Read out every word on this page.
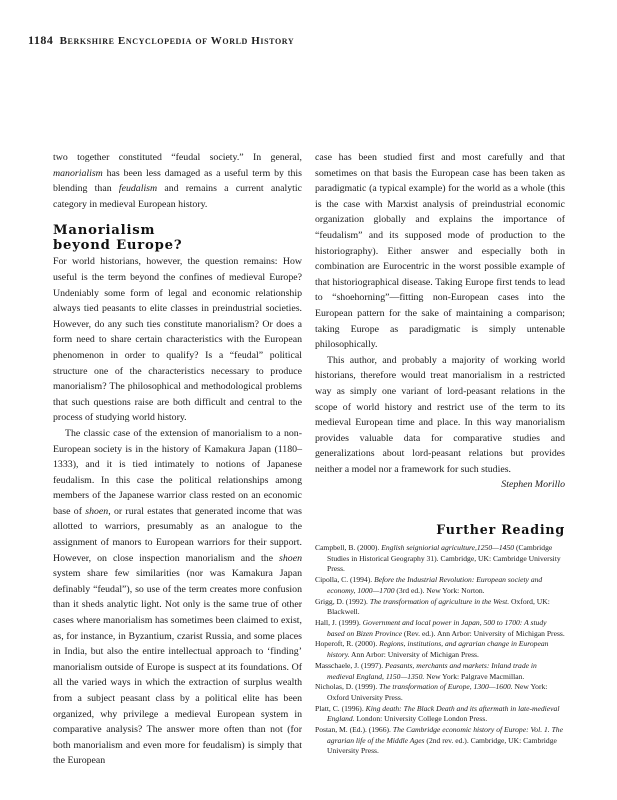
1184 Berkshire Encyclopedia of World History

two together constituted “feudal society.” In general, manorialism has been less damaged as a useful term by this blending than feudalism and remains a current analytic category in medieval European history.

Manorialism
beyond Europe?

For world historians, however, the question remains: How useful is the term beyond the confines of medieval Europe? Undeniably some form of legal and economic relationship always tied peasants to elite classes in preindustrial societies. However, do any such ties constitute manorialism? Or does a form need to share certain characteristics with the European phenomenon in order to qualify? Is a “feudal” political structure one of the characteristics necessary to produce manorialism? The philosophical and methodological problems that such questions raise are both difficult and central to the process of studying world history.

The classic case of the extension of manorialism to a non-European society is in the history of Kamakura Japan (1180–1333), and it is tied intimately to notions of Japanese feudalism. In this case the political relationships among members of the Japanese warrior class rested on an economic base of shoen, or rural estates that generated income that was allotted to warriors, presumably as an analogue to the assignment of manors to European warriors for their support. However, on close inspection manorialism and the shoen system share few similarities (nor was Kamakura Japan definably “feudal”), so use of the term creates more confusion than it sheds analytic light. Not only is the same true of other cases where manorialism has sometimes been claimed to exist, as, for instance, in Byzantium, czarist Russia, and some places in India, but also the entire intellectual approach to ‘finding’ manorialism outside of Europe is suspect at its foundations. Of all the varied ways in which the extraction of surplus wealth from a subject peasant class by a political elite has been organized, why privilege a medieval European system in comparative analysis? The answer more often than not (for both manorialism and even more for feudalism) is simply that the European

case has been studied first and most carefully and that sometimes on that basis the European case has been taken as paradigmatic (a typical example) for the world as a whole (this is the case with Marxist analysis of preindustrial economic organization globally and explains the importance of “feudalism” and its supposed mode of production to the historiography). Either answer and especially both in combination are Eurocentric in the worst possible example of that historiographical disease. Taking Europe first tends to lead to “shoehorning”—fitting non-European cases into the European pattern for the sake of maintaining a comparison; taking Europe as paradigmatic is simply untenable philosophically.

This author, and probably a majority of working world historians, therefore would treat manorialism in a restricted way as simply one variant of lord-peasant relations in the scope of world history and restrict use of the term to its medieval European time and place. In this way manorialism provides valuable data for comparative studies and generalizations about lord-peasant relations but provides neither a model nor a framework for such studies.

Stephen Morillo

Further Reading

Campbell, B. (2000). English seigniorial agriculture,1250—1450 (Cambridge Studies in Historical Geography 31). Cambridge, UK: Cambridge University Press.

Cipolla, C. (1994). Before the Industrial Revolution: European society and economy, 1000—1700 (3rd ed.). New York: Norton.

Grigg, D. (1992). The transformation of agriculture in the West. Oxford, UK: Blackwell.

Hall, J. (1999). Government and local power in Japan, 500 to 1700: A study based on Bizen Province (Rev. ed.). Ann Arbor: University of Michigan Press.

Hoperoft, R. (2000). Regions, institutions, and agrarian change in European history. Ann Arbor: University of Michigan Press.

Masschaele, J. (1997). Peasants, merchants and markets: Inland trade in medieval England, 1150—1350. New York: Palgrave Macmillan.

Nicholas, D. (1999). The transformation of Europe, 1300—1600. New York: Oxford University Press.

Platt, C. (1996). King death: The Black Death and its aftermath in late-medieval England. London: University College London Press.

Postan, M. (Ed.). (1966). The Cambridge economic history of Europe: Vol. 1. The agrarian life of the Middle Ages (2nd rev. ed.). Cambridge, UK: Cambridge University Press.
